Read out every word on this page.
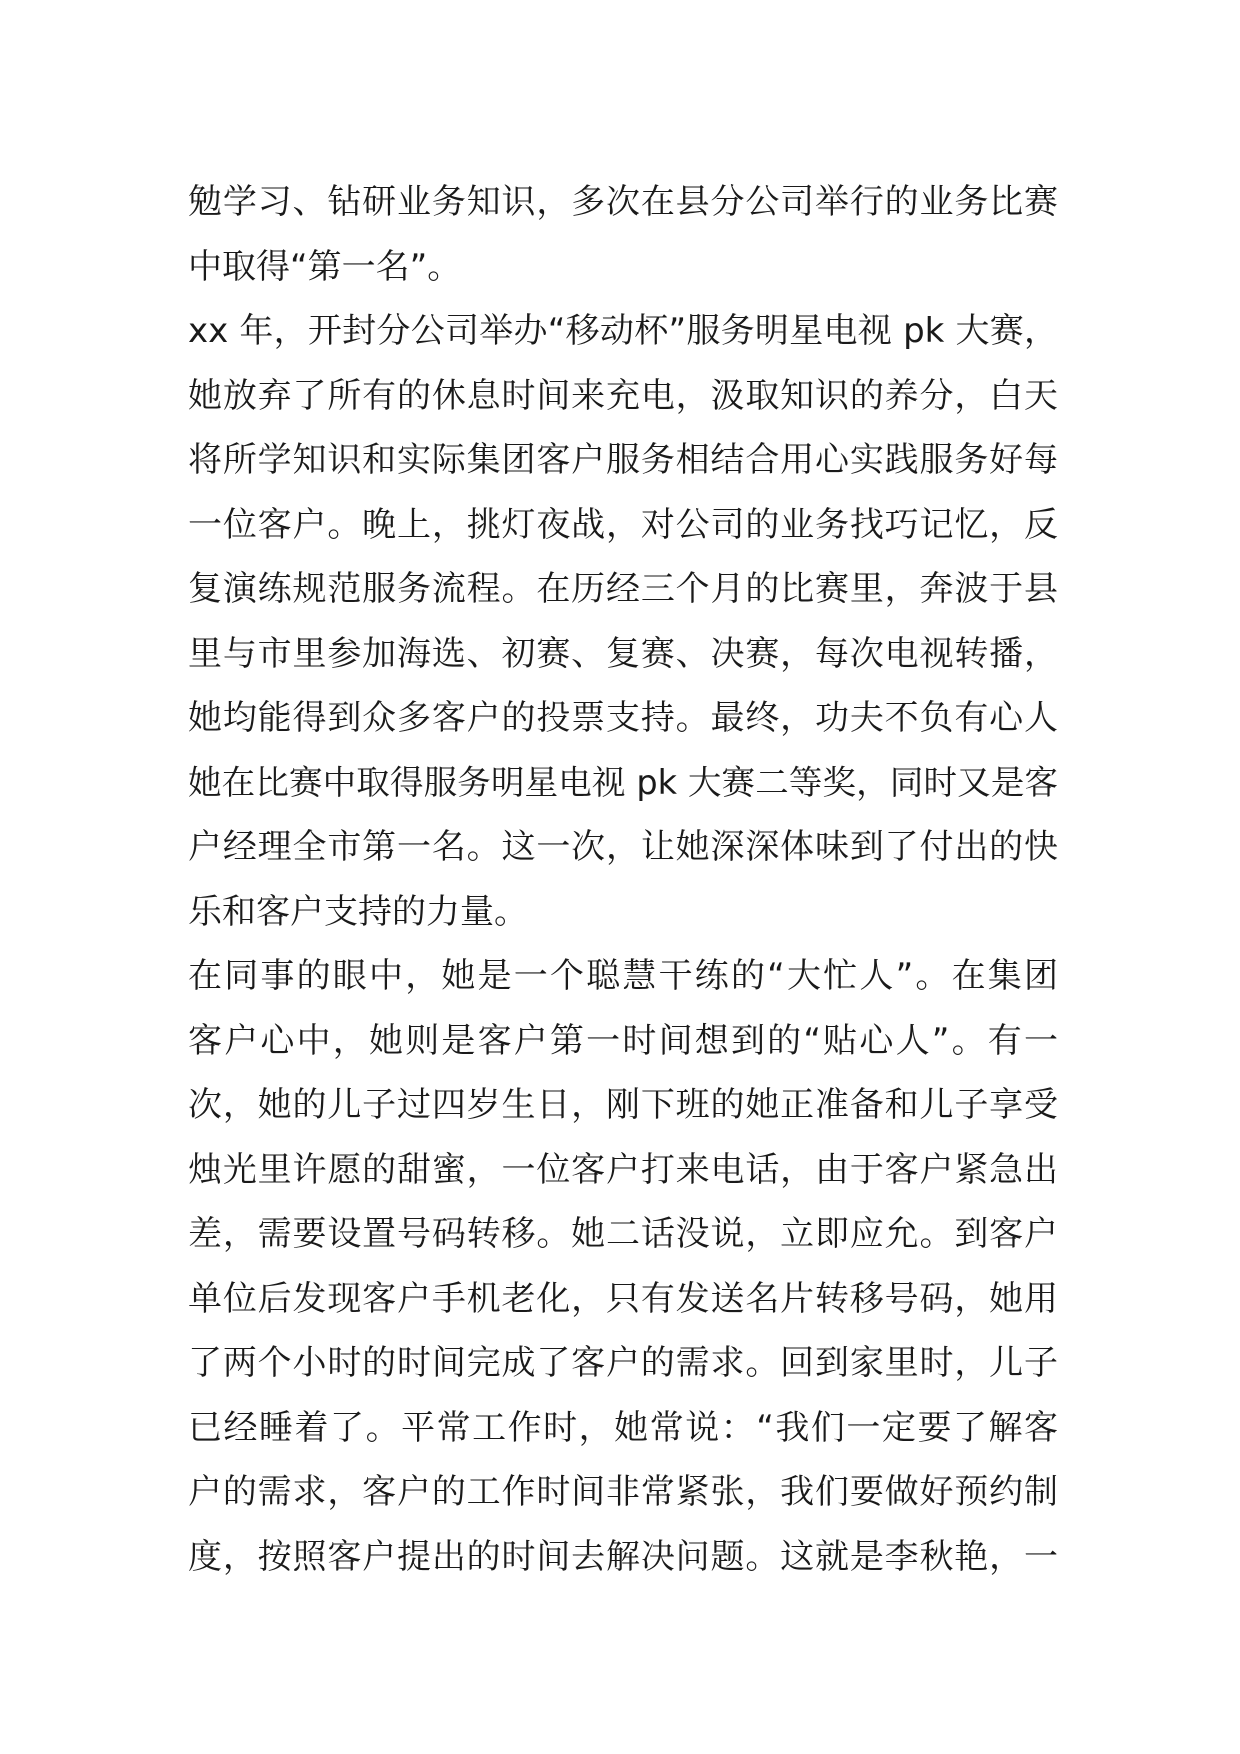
勉学习、钻研业务知识，多次在县分公司举行的业务比赛
中取得“第一名”。
xx 年，开封分公司举办“移动杯”服务明星电视 pk 大赛，
她放弃了所有的休息时间来充电，汲取知识的养分，白天
将所学知识和实际集团客户服务相结合用心实践服务好每
一位客户。晚上，挑灯夜战，对公司的业务找巧记忆，反
复演练规范服务流程。在历经三个月的比赛里，奔波于县
里与市里参加海选、初赛、复赛、决赛，每次电视转播，
她均能得到众多客户的投票支持。最终，功夫不负有心人
她在比赛中取得服务明星电视 pk 大赛二等奖，同时又是客
户经理全市第一名。这一次，让她深深体味到了付出的快
乐和客户支持的力量。
在同事的眼中，她是一个聪慧干练的“大忙人”。在集团
客户心中，她则是客户第一时间想到的“贴心人”。有一
次，她的儿子过四岁生日，刚下班的她正准备和儿子享受
烛光里许愿的甜蜜，一位客户打来电话，由于客户紧急出
差，需要设置号码转移。她二话没说，立即应允。到客户
单位后发现客户手机老化，只有发送名片转移号码，她用
了两个小时的时间完成了客户的需求。回到家里时，儿子
已经睡着了。平常工作时，她常说：“我们一定要了解客
户的需求，客户的工作时间非常紧张，我们要做好预约制
度，按照客户提出的时间去解决问题。这就是李秋艳，一
